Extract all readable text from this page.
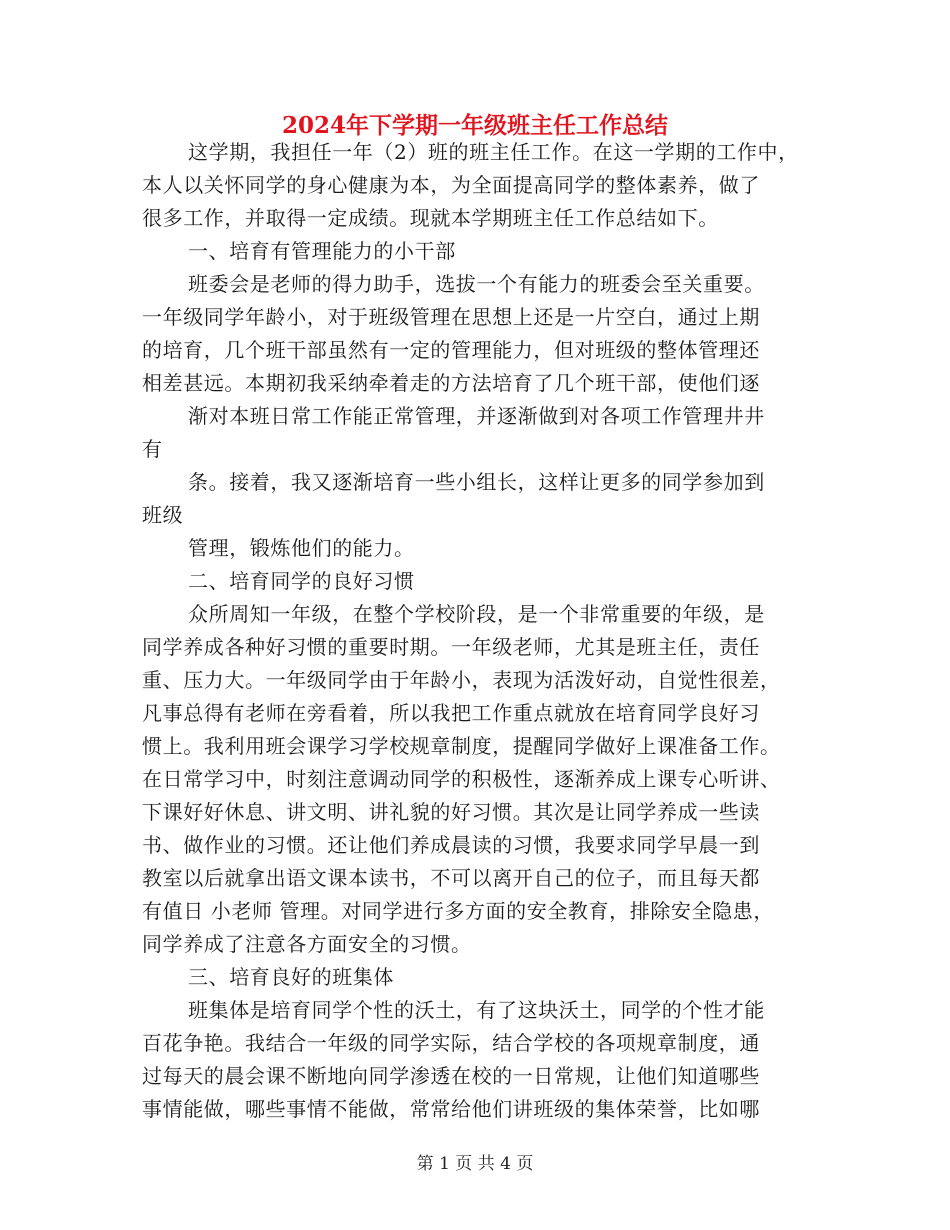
2024年下学期一年级班主任工作总结
这学期，我担任一年（2）班的班主任工作。在这一学期的工作中，
本人以关怀同学的身心健康为本，为全面提高同学的整体素养，做了
很多工作，并取得一定成绩。现就本学期班主任工作总结如下。
一、培育有管理能力的小干部
班委会是老师的得力助手，选拔一个有能力的班委会至关重要。
一年级同学年龄小，对于班级管理在思想上还是一片空白，通过上期
的培育，几个班干部虽然有一定的管理能力，但对班级的整体管理还
相差甚远。本期初我采纳牵着走的方法培育了几个班干部，使他们逐
渐对本班日常工作能正常管理，并逐渐做到对各项工作管理井井
有
条。接着，我又逐渐培育一些小组长，这样让更多的同学参加到
班级
管理，锻炼他们的能力。
二、培育同学的良好习惯
众所周知一年级，在整个学校阶段，是一个非常重要的年级，是
同学养成各种好习惯的重要时期。一年级老师，尤其是班主任，责任
重、压力大。一年级同学由于年龄小，表现为活泼好动，自觉性很差，
凡事总得有老师在旁看着，所以我把工作重点就放在培育同学良好习
惯上。我利用班会课学习学校规章制度，提醒同学做好上课准备工作。
在日常学习中，时刻注意调动同学的积极性，逐渐养成上课专心听讲、
下课好好休息、讲文明、讲礼貌的好习惯。其次是让同学养成一些读
书、做作业的习惯。还让他们养成晨读的习惯，我要求同学早晨一到
教室以后就拿出语文课本读书，不可以离开自己的位子，而且每天都
有值日 小老师 管理。对同学进行多方面的安全教育，排除安全隐患，
同学养成了注意各方面安全的习惯。
三、培育良好的班集体
班集体是培育同学个性的沃土，有了这块沃土，同学的个性才能
百花争艳。我结合一年级的同学实际，结合学校的各项规章制度，通
过每天的晨会课不断地向同学渗透在校的一日常规，让他们知道哪些
事情能做，哪些事情不能做，常常给他们讲班级的集体荣誉，比如哪
第 1 页 共 4 页
